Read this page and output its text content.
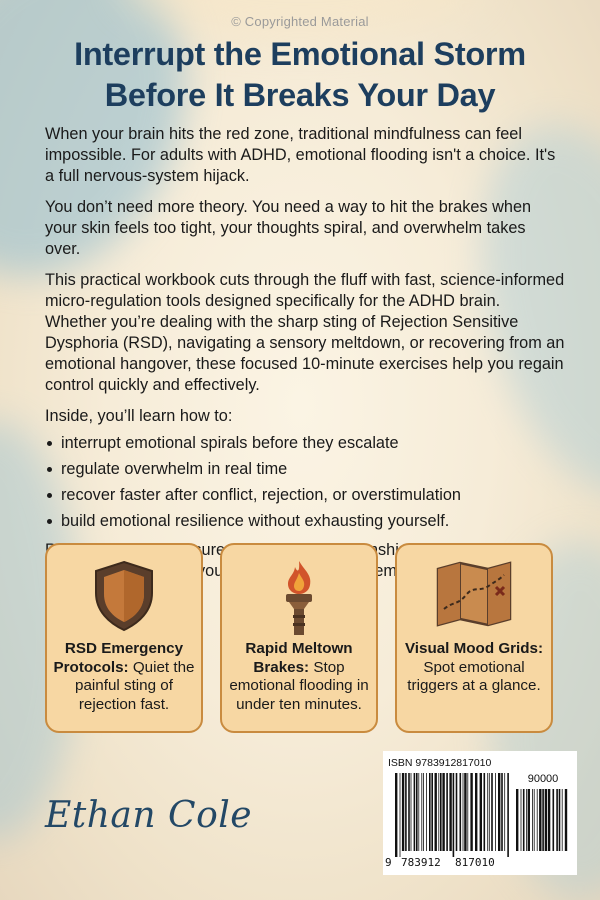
© Copyrighted Material
Interrupt the Emotional Storm
Before It Breaks Your Day

When your brain hits the red zone, traditional mindfulness can feel impossible. For adults with ADHD, emotional flooding isn't a choice. It's a full nervous-system hijack.

You don’t need more theory. You need a way to hit the brakes when your skin feels too tight, your thoughts spiral, and overwhelm takes over.

This practical workbook cuts through the fluff with fast, science-informed micro-regulation tools designed specifically for the ADHD brain. Whether you’re dealing with the sharp sting of Rejection Sensitive Dysphoria (RSD), navigating a sensory meltdown, or recovering from an emotional hangover, these focused 10-minute exercises help you regain control quickly and effectively.

Inside, you’ll learn how to:

interrupt emotional spirals before they escalate
regulate overwhelm in real time
recover faster after conflict, rejection, or overstimulation
build emotional resilience without exhausting yourself.

your

RSD Emergency Protocols: Quiet the painful sting of rejection fast.
Rapid Meltown Brakes: Stop emotional flooding in under ten minutes.
Visual Mood Grids: Spot emotional triggers at a glance.
Ethan Cole
ISBN 9783912817010
90000
9 783912 817010
